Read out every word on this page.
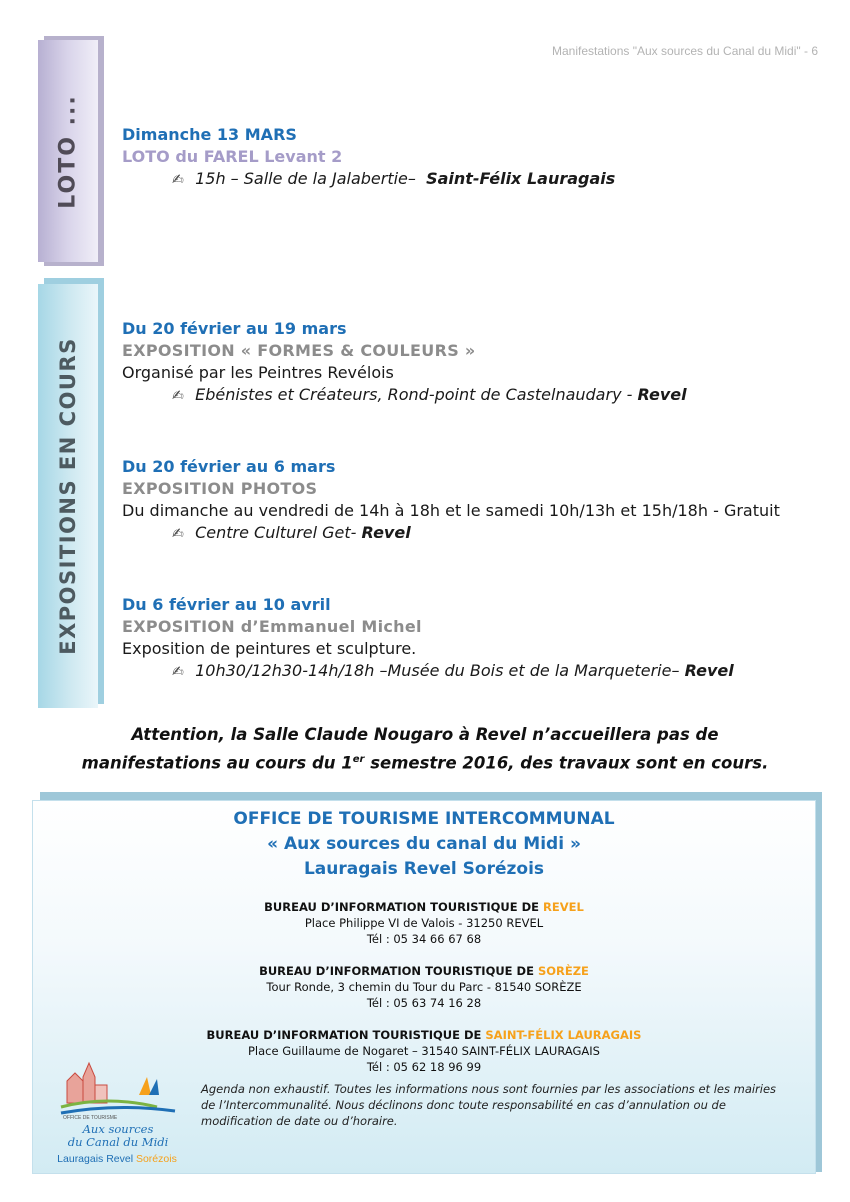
Manifestations "Aux sources du Canal du Midi" - 6
LOTO ...	Dimanche 13 MARS
LOTO du FAREL Levant 2
✍ 15h – Salle de la Jalabertie– Saint-Félix Lauragais
EXPOSITIONS EN COURS
Du 20 février au 19 mars
EXPOSITION « FORMES & COULEURS »
Organisé par les Peintres Revélois
✍ Ebénistes et Créateurs, Rond-point de Castelnaudary - Revel
Du 20 février au 6 mars
EXPOSITION PHOTOS
Du dimanche au vendredi de 14h à 18h et le samedi 10h/13h et 15h/18h - Gratuit
✍ Centre Culturel Get- Revel
Du 6 février au 10 avril
EXPOSITION d’Emmanuel Michel
Exposition de peintures et sculpture.
✍ 10h30/12h30-14h/18h –Musée du Bois et de la Marqueterie– Revel
Attention, la Salle Claude Nougaro à Revel n’accueillera pas de
manifestations au cours du 1er semestre 2016, des travaux sont en cours.
OFFICE DE TOURISME INTERCOMMUNAL
« Aux sources du canal du Midi »
Lauragais Revel Sorézois
BUREAU D’INFORMATION TOURISTIQUE DE REVEL
Place Philippe VI de Valois - 31250 REVEL
Tél : 05 34 66 67 68
BUREAU D’INFORMATION TOURISTIQUE DE SORÈZE
Tour Ronde, 3 chemin du Tour du Parc - 81540 SORÈZE
Tél : 05 63 74 16 28
BUREAU D’INFORMATION TOURISTIQUE DE SAINT-FÉLIX LAURAGAIS
Place Guillaume de Nogaret – 31540 SAINT-FÉLIX LAURAGAIS
Tél : 05 62 18 96 99
Agenda non exhaustif. Toutes les informations nous sont fournies par les associations et les mairies de l’Intercommunalité. Nous déclinons donc toute responsabilité en cas d’annulation ou de modification de date ou d’horaire.
OFFICE DE TOURISME
Aux sources
du Canal du Midi
Lauragais Revel Sorézois
